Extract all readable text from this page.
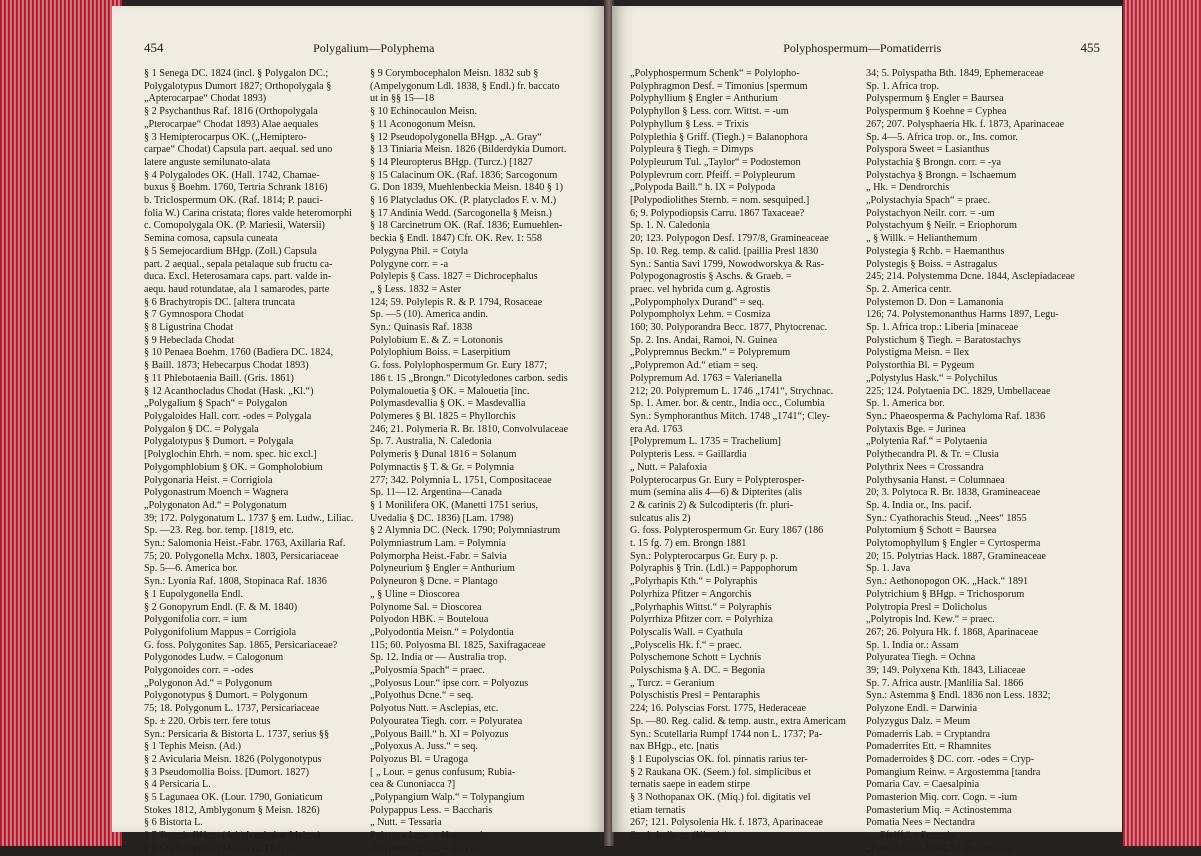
454	Polygalium—Polyphema

§ 1 Senega DC. 1824 (incl. § Polygalon DC.;

Polygalotypus Dumort 1827; Orthopolygala §

„Apterocarpae“ Chodat 1893)

§ 2 Psychanthus Raf. 1816 (Orthopolygala

„Pterocarpae“ Chodat 1893) Alae aequales

§ 3 Hemipterocarpus OK. („Hemiptero-

carpae“ Chodat) Capsula part. aequal. sed uno

latere anguste semilunato-alata

§ 4 Polygalodes OK. (Hall. 1742, Chamae-

buxus § Boehm. 1760, Tertria Schrank 1816)

b. Triclospermum OK. (Raf. 1814; P. pauci-

folia W.) Carina cristata; flores valde heteromorphi

c. Comopolygala OK. (P. Mariesii, Watersii)

Semina comosa, capsula cuneata

§ 5 Semejocardium BHgp. (Zoll.) Capsula

part. 2 aequal., sepala petalaque sub fructu ca-

duca. Excl. Heterosamara caps. part. valde in-

aequ. haud rotundatae, ala 1 samarodes, parte

§ 6 Brachytropis DC. [altera truncata

§ 7 Gymnospora Chodat

§ 8 Ligustrina Chodat

§ 9 Hebeclada Chodat

§ 10 Penaea Boehm. 1760 (Badiera DC. 1824,

§ Baill. 1873; Hebecarpus Chodat 1893)

§ 11 Phlebotaenia Baill. (Gris. 1861)

§ 12 Acanthocladus Chodat (Hask. „Kl.“)

„Polygalium § Spach“ = Polygalon

Polygaloides Hall. corr. -odes = Polygala

Polygalon § DC. = Polygala

Polygalotypus § Dumort. = Polygala

[Polyglochin Ehrh. = nom. spec. hic excl.]

Polygomphlobium § OK. = Gompholobium

Polygonaria Heist. = Corrigiola

Polygonastrum Moench = Wagnera

„Polygonaton Ad.“ = Polygonatum

39; 172. Polygonatum L. 1737 § em. Ludw., Liliac.

Sp. —23. Reg. bor. temp. [1819, etc.

Syn.: Salomonia Heist.-Fabr. 1763, Axillaria Raf.

75; 20. Polygonella Mchx. 1803, Persicariaceae

Sp. 5—6. America bor.

Syn.: Lyonia Raf. 1808, Stopinaca Raf. 1836

§ 1 Eupolygonella Endl.

§ 2 Gonopyrum Endl. (F. & M. 1840)

Polygonifolia corr. = ium

Polygonifolium Mappus = Corrigiola

G. foss. Polygonites Sap. 1865, Persicariaceae?

Polygonodes Ludw. = Calogonum

Polygonoides corr. = -odes

„Polygonon Ad.“ = Polygonum

Polygonotypus § Dumort. = Polygonum

75; 18. Polygonum L. 1737, Persicariaceae

Sp. ± 220. Orbis terr. fere totus

Syn.: Persicaria & Bistorta L. 1737, serius §§

§ 1 Tephis Meisn. (Ad.)

§ 2 Avicularia Meisn. 1826 (Polygonotypus

§ 3 Pseudomollia Boiss. [Dumort. 1827)

§ 4 Persicaria L.

§ 5 Lagunaea OK. (Lour. 1790, Goniaticum

Stokes 1812, Amblygonum § Meisn. 1826)

§ 6 Bistorta L.

§ 7 Tovaria BHgp. (Ad.) [cephalon Meisn.)

§ 8 Cephalophilon Meisn. (a. Didymo-

§ 9 Corymbocephalon Meisn. 1832 sub §

(Ampelygonum Ldl. 1838, § Endl.) fr. baccato

ut in §§ 15—18

§ 10 Echinocaulon Meisn.

§ 11 Aconogonum Meisn.

§ 12 Pseudopolygonella BHgp. „A. Gray“

§ 13 Tiniaria Meisn. 1826 (Bilderdykia Dumort.

§ 14 Pleuropterus BHgp. (Turcz.) [1827

§ 15 Calacinum OK. (Raf. 1836; Sarcogonum

G. Don 1839, Muehlenbeckia Meisn. 1840 § 1)

§ 16 Platycladus OK. (P. platyclados F. v. M.)

§ 17 Andinia Wedd. (Sarcogonella § Meisn.)

§ 18 Carcinetrum OK. (Raf. 1836; Eumuehlen-

beckia § Endl. 1847) Cfr. OK. Rev. 1: 558

Polygyna Phil. = Cotyla

Polygyne corr. = -a

Polylepis § Cass. 1827 = Dichrocephalus

„ § Less. 1832 = Aster

124; 59. Polylepis R. & P. 1794, Rosaceae

Sp. —5 (10). America andin.

Syn.: Quinasis Raf. 1838

Polylobium E. & Z. = Lotononis

Polylophium Boiss. = Laserpitium

G. foss. Polylophospermum Gr. Eury 1877;

186 t. 15 „Brongn.“ Dicotyledones carbon. sedis

Polymalouetia § OK. = Malouetia [inc.

Polymasdevallia § OK. = Masdevallia

Polymeres § Bl. 1825 = Phyllorchis

246; 21. Polymeria R. Br. 1810, Convolvulaceae

Sp. 7. Australia, N. Caledonia

Polymeris § Dunal 1816 = Solanum

Polymnactis § T. & Gr. = Polymnia

277; 342. Polymnia L. 1751, Compositaceae

Sp. 11—12. Argentina—Canada

§ 1 Monilifera OK. (Manetti 1751 serius,

Uvedalia § DC. 1836) [Lam. 1798)

§ 2 Alymnia DC. (Neck. 1790; Polymniastrum

Polymniastrum Lam. = Polymnia

Polymorpha Heist.-Fabr. = Salvia

Polyneurium § Engler = Anthurium

Polyneuron § Dcne. = Plantago

„ § Uline = Dioscorea

Polynome Sal. = Dioscorea

Polyodon HBK. = Bouteloua

„Polyodontia Meisn.“ = Polydontia

115; 60. Polyosma Bl. 1825, Saxifragaceae

Sp. 12. India or — Australia trop.

„Polyosmia Spach“ = praec.

„Polyosus Lour.“ ipse corr. = Polyozus

„Polyothus Dcne.“ = seq.

Polyotus Nutt. = Asclepias, etc.

Polyouratea Tiegh. corr. = Polyuratea

„Polyous Baill.“ h. XI = Polyozus

„Polyoxus A. Juss.“ = seq.

Polyozus Bl. = Uragoga

[ „ Lour. = genus confusum; Rubia-

cea & Cunoniacca ?]

„Polypangium Walp.“ = Tolypangium

Polypappus Less. = Baccharis

„ Nutt. = Tessaria

Polypara Lour. = Houttuynia

Polyphema Lour. = Saccus

Polyphospermum—Pomatiderris	455

„Polyphospermum Schenk“ = Polylopho-

Polyphragmon Desf. = Timonius [spermum

Polyphyllium § Engler = Anthurium

Polyphyllon § Less. corr. Wittst. = -um

Polyphyllum § Less. = Trixis

Polyplethia § Griff. (Tiegh.) = Balanophora

Polypleura § Tiegh. = Dimyps

Polypleurum Tul. „Taylor“ = Podostemon

Polyplevrum corr. Pfeiff. = Polypleurum

„Polypoda Baill.“ h. IX = Polypoda

[Polypodiolithes Sternb. = nom. sesquiped.]

6; 9. Polypodiopsis Carru. 1867 Taxaceae?

Sp. 1. N. Caledonia

20; 123. Polypogon Desf. 1797/8, Gramineaceae

Sp. 10. Reg. temp. & calid. [paillia Presl 1830

Syn.: Santia Savi 1799, Nowodworskya & Ras-

Polypogonagrostis § Aschs. & Graeb. =

praec. vel hybrida cum g. Agrostis

„Polypompholyx Durand“ = seq.

Polypompholyx Lehm. = Cosmiza

160; 30. Polyporandra Becc. 1877, Phytocrenac.

Sp. 2. Ins. Andai, Ramoi, N. Guinea

„Polypremnus Beckm.“ = Polypremum

„Polypremon Ad.“ etiam = seq.

Polypremum Ad. 1763 = Valerianella

212; 20. Polypremum L. 1746 „1741“, Strychnac.

Sp. 1. Amer. bor. & centr., India occ., Columbia

Syn.: Symphoranthus Mitch. 1748 „1741“; Cley-

era Ad. 1763

[Polypremum L. 1735 = Trachelium]

Polypteris Less. = Gaillardia

„ Nutt. = Palafoxia

Polypterocarpus Gr. Eury = Polypterosper-

mum (semina alis 4—6) & Dipterites (alis

2 & carinis 2) & Sulcodipteris (fr. pluri-

sulcatus alis 2)

G. foss. Polypterospermum Gr. Eury 1867 (186

t. 15 fg. 7) em. Brongn 1881

Syn.: Polypterocarpus Gr. Eury p. p.

Polyraphis § Trin. (Ldl.) = Pappophorum

„Polyrhapis Kth.“ = Polyraphis

Polyrhiza Pfitzer = Angorchis

„Polyrhaphis Wittst.“ = Polyraphis

Polyrrhiza Pfitzer corr. = Polyrhiza

Polyscalis Wall. = Cyathula

„Polyscelis Hk. f.“ = praec.

Polyschemone Schott = Lychnis

Polyschisma § A. DC. = Begonia

„ Turcz. = Geranium

Polyschistis Presl = Pentaraphis

224; 16. Polyscias Forst. 1775, Hederaceae

Sp. —80. Reg. calid. & temp. austr., extra Americam

Syn.: Scutellaria Rumpf 1744 non L. 1737; Pa-

nax BHgp., etc. [natis

§ 1 Eupolyscias OK. fol. pinnatis rarius ter-

§ 2 Raukana OK. (Seem.) fol. simplicibus et

ternatis saepe in eadem stirpe

§ 3 Nothopanax OK. (Miq.) fol. digitatis vel

etiam ternatis

267; 121. Polysolenia Hk. f. 1873, Aparinaceae

Sp. 1. India or. (Khasia)

34; 5. Polyspatha Bth. 1849, Ephemeraceae

Sp. 1. Africa trop.

Polyspermum § Engler = Baursea

Polyspermum § Koehne = Cyphea

267; 207. Polysphaeria Hk. f. 1873, Aparinaceae

Sp. 4—5. Africa trop. or., Ins. comor.

Polyspora Sweet = Lasianthus

Polystachia § Brongn. corr. = -ya

Polystachya § Brongn. = Ischaemum

„ Hk. = Dendrorchis

„Polystachyia Spach“ = praec.

Polystachyon Neilr. corr. = -um

Polystachyum § Neilr. = Eriophorum

„ § Willk. = Helianthemum

Polystegia § Rchb. = Haemanthus

Polystegis § Boiss. = Astragalus

245; 214. Polystemma Dcne. 1844, Asclepiadaceae

Sp. 2. America centr.

Polystemon D. Don = Lamanonia

126; 74. Polystemonanthus Harms 1897, Legu-

Sp. 1. Africa trop.: Liberia [minaceae

Polystichum § Tiegh. = Baratostachys

Polystigma Meisn. = Ilex

Polystorthia Bl. = Pygeum

„Polystylus Hask.“ = Polychilus

225; 124. Polytaenia DC. 1829, Umbellaceae

Sp. 1. America bor.

Syn.: Phaeosperma & Pachyloma Raf. 1836

Polytaxis Bge. = Jurinea

„Polytenia Raf.“ = Polytaenia

Polythecandra Pl. & Tr. = Clusia

Polythrix Nees = Crossandra

Polythysania Hanst. = Columnaea

20; 3. Polytoca R. Br. 1838, Gramineaceae

Sp. 4. India or., Ins. pacif.

Syn.: Cyathorachis Steud. „Nees“ 1855

Polytomium § Schott = Baursea

Polytomophyllum § Engler = Cyrtosperma

20; 15. Polytrias Hack. 1887, Gramineaceae

Sp. 1. Java

Syn.: Aethonopogon OK. „Hack.“ 1891

Polytrichium § BHgp. = Trichosporum

Polytropia Presl = Dolicholus

„Polytropis Ind. Kew.“ = praec.

267; 26. Polyura Hk. f. 1868, Aparinaceae

Sp. 1. India or.: Assam

Polyuratea Tiegh. = Ochna

39; 149. Polyxena Kth. 1843, Liliaceae

Sp. 7. Africa austr. [Manlilia Sal. 1866

Syn.: Astemma § Endl. 1836 non Less. 1832;

Polyzone Endl. = Darwinia

Polyzygus Dalz. = Meum

Pomaderris Lab. = Cryptandra

Pomaderrites Ett. = Rhamnites

Pomaderroides § DC. corr. -odes = Cryp-

Pomangium Reinw. = Argostemma [tandra

Pomaria Cav. = Caesalpinia

Pomasterion Miq. corr. Cogn. = -ium

Pomasterium Miq. = Actinostemma

Pomatia Nees = Nectandra

„ „ Pfeiff.“ = Pometia

„Pomatiderris HBK.“ = Pomaderris
